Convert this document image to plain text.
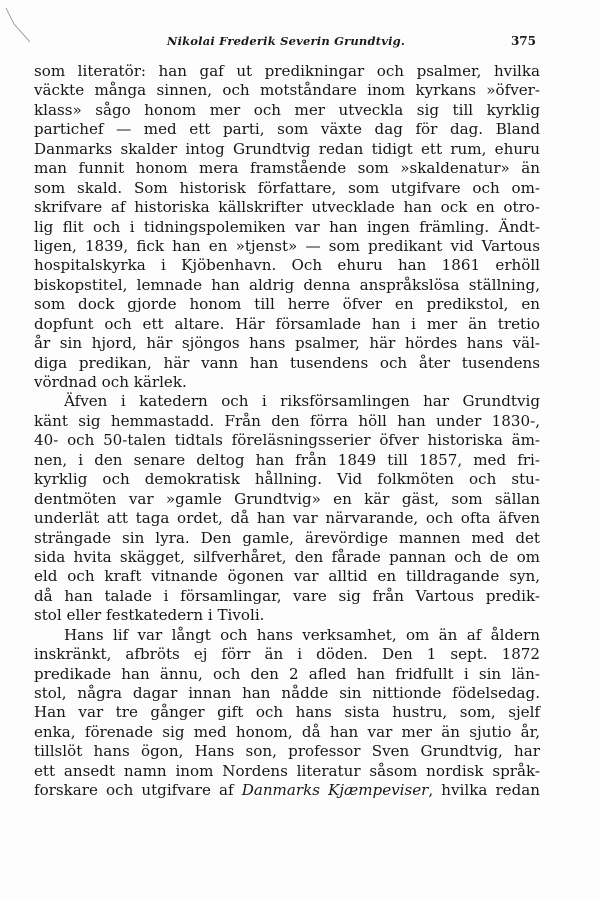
Nikolai Frederik Severin Grundtvig.	375
som literatör: han gaf ut predikningar och psalmer, hvilka
väckte många sinnen, och motståndare inom kyrkans »öfver-
klass» sågo honom mer och mer utveckla sig till kyrklig
partichef — med ett parti, som växte dag för dag. Bland
Danmarks skalder intog Grundtvig redan tidigt ett rum, ehuru
man funnit honom mera framstående som »skaldenatur» än
som skald. Som historisk författare, som utgifvare och om-
skrifvare af historiska källskrifter utvecklade han ock en otro-
lig flit och i tidningspolemiken var han ingen främling. Ändt-
ligen, 1839, fick han en »tjenst» — som predikant vid Vartous
hospitalskyrka i Kjöbenhavn. Och ehuru han 1861 erhöll
biskopstitel, lemnade han aldrig denna anspråkslösa ställning,
som dock gjorde honom till herre öfver en predikstol, en
dopfunt och ett altare. Här församlade han i mer än tretio
år sin hjord, här sjöngos hans psalmer, här hördes hans väl-
diga predikan, här vann han tusendens och åter tusendens
vördnad och kärlek.
Äfven i katedern och i riksförsamlingen har Grundtvig
känt sig hemmastadd. Från den förra höll han under 1830-,
40- och 50-talen tidtals föreläsningsserier öfver historiska äm-
nen, i den senare deltog han från 1849 till 1857, med fri-
kyrklig och demokratisk hållning. Vid folkmöten och stu-
dentmöten var »gamle Grundtvig» en kär gäst, som sällan
underlät att taga ordet, då han var närvarande, och ofta äfven
strängade sin lyra. Den gamle, ärevördige mannen med det
sida hvita skägget, silfverhåret, den fårade pannan och de om
eld och kraft vitnande ögonen var alltid en tilldragande syn,
då han talade i församlingar, vare sig från Vartous predik-
stol eller festkatedern i Tivoli.
Hans lif var långt och hans verksamhet, om än af åldern
inskränkt, afbröts ej förr än i döden. Den 1 sept. 1872
predikade han ännu, och den 2 afled han fridfullt i sin län-
stol, några dagar innan han nådde sin nittionde födelsedag.
Han var tre gånger gift och hans sista hustru, som, sjelf
enka, förenade sig med honom, då han var mer än sjutio år,
tillslöt hans ögon, Hans son, professor Sven Grundtvig, har
ett ansedt namn inom Nordens literatur såsom nordisk språk-
forskare och utgifvare af Danmarks Kjæmpeviser, hvilka redan
